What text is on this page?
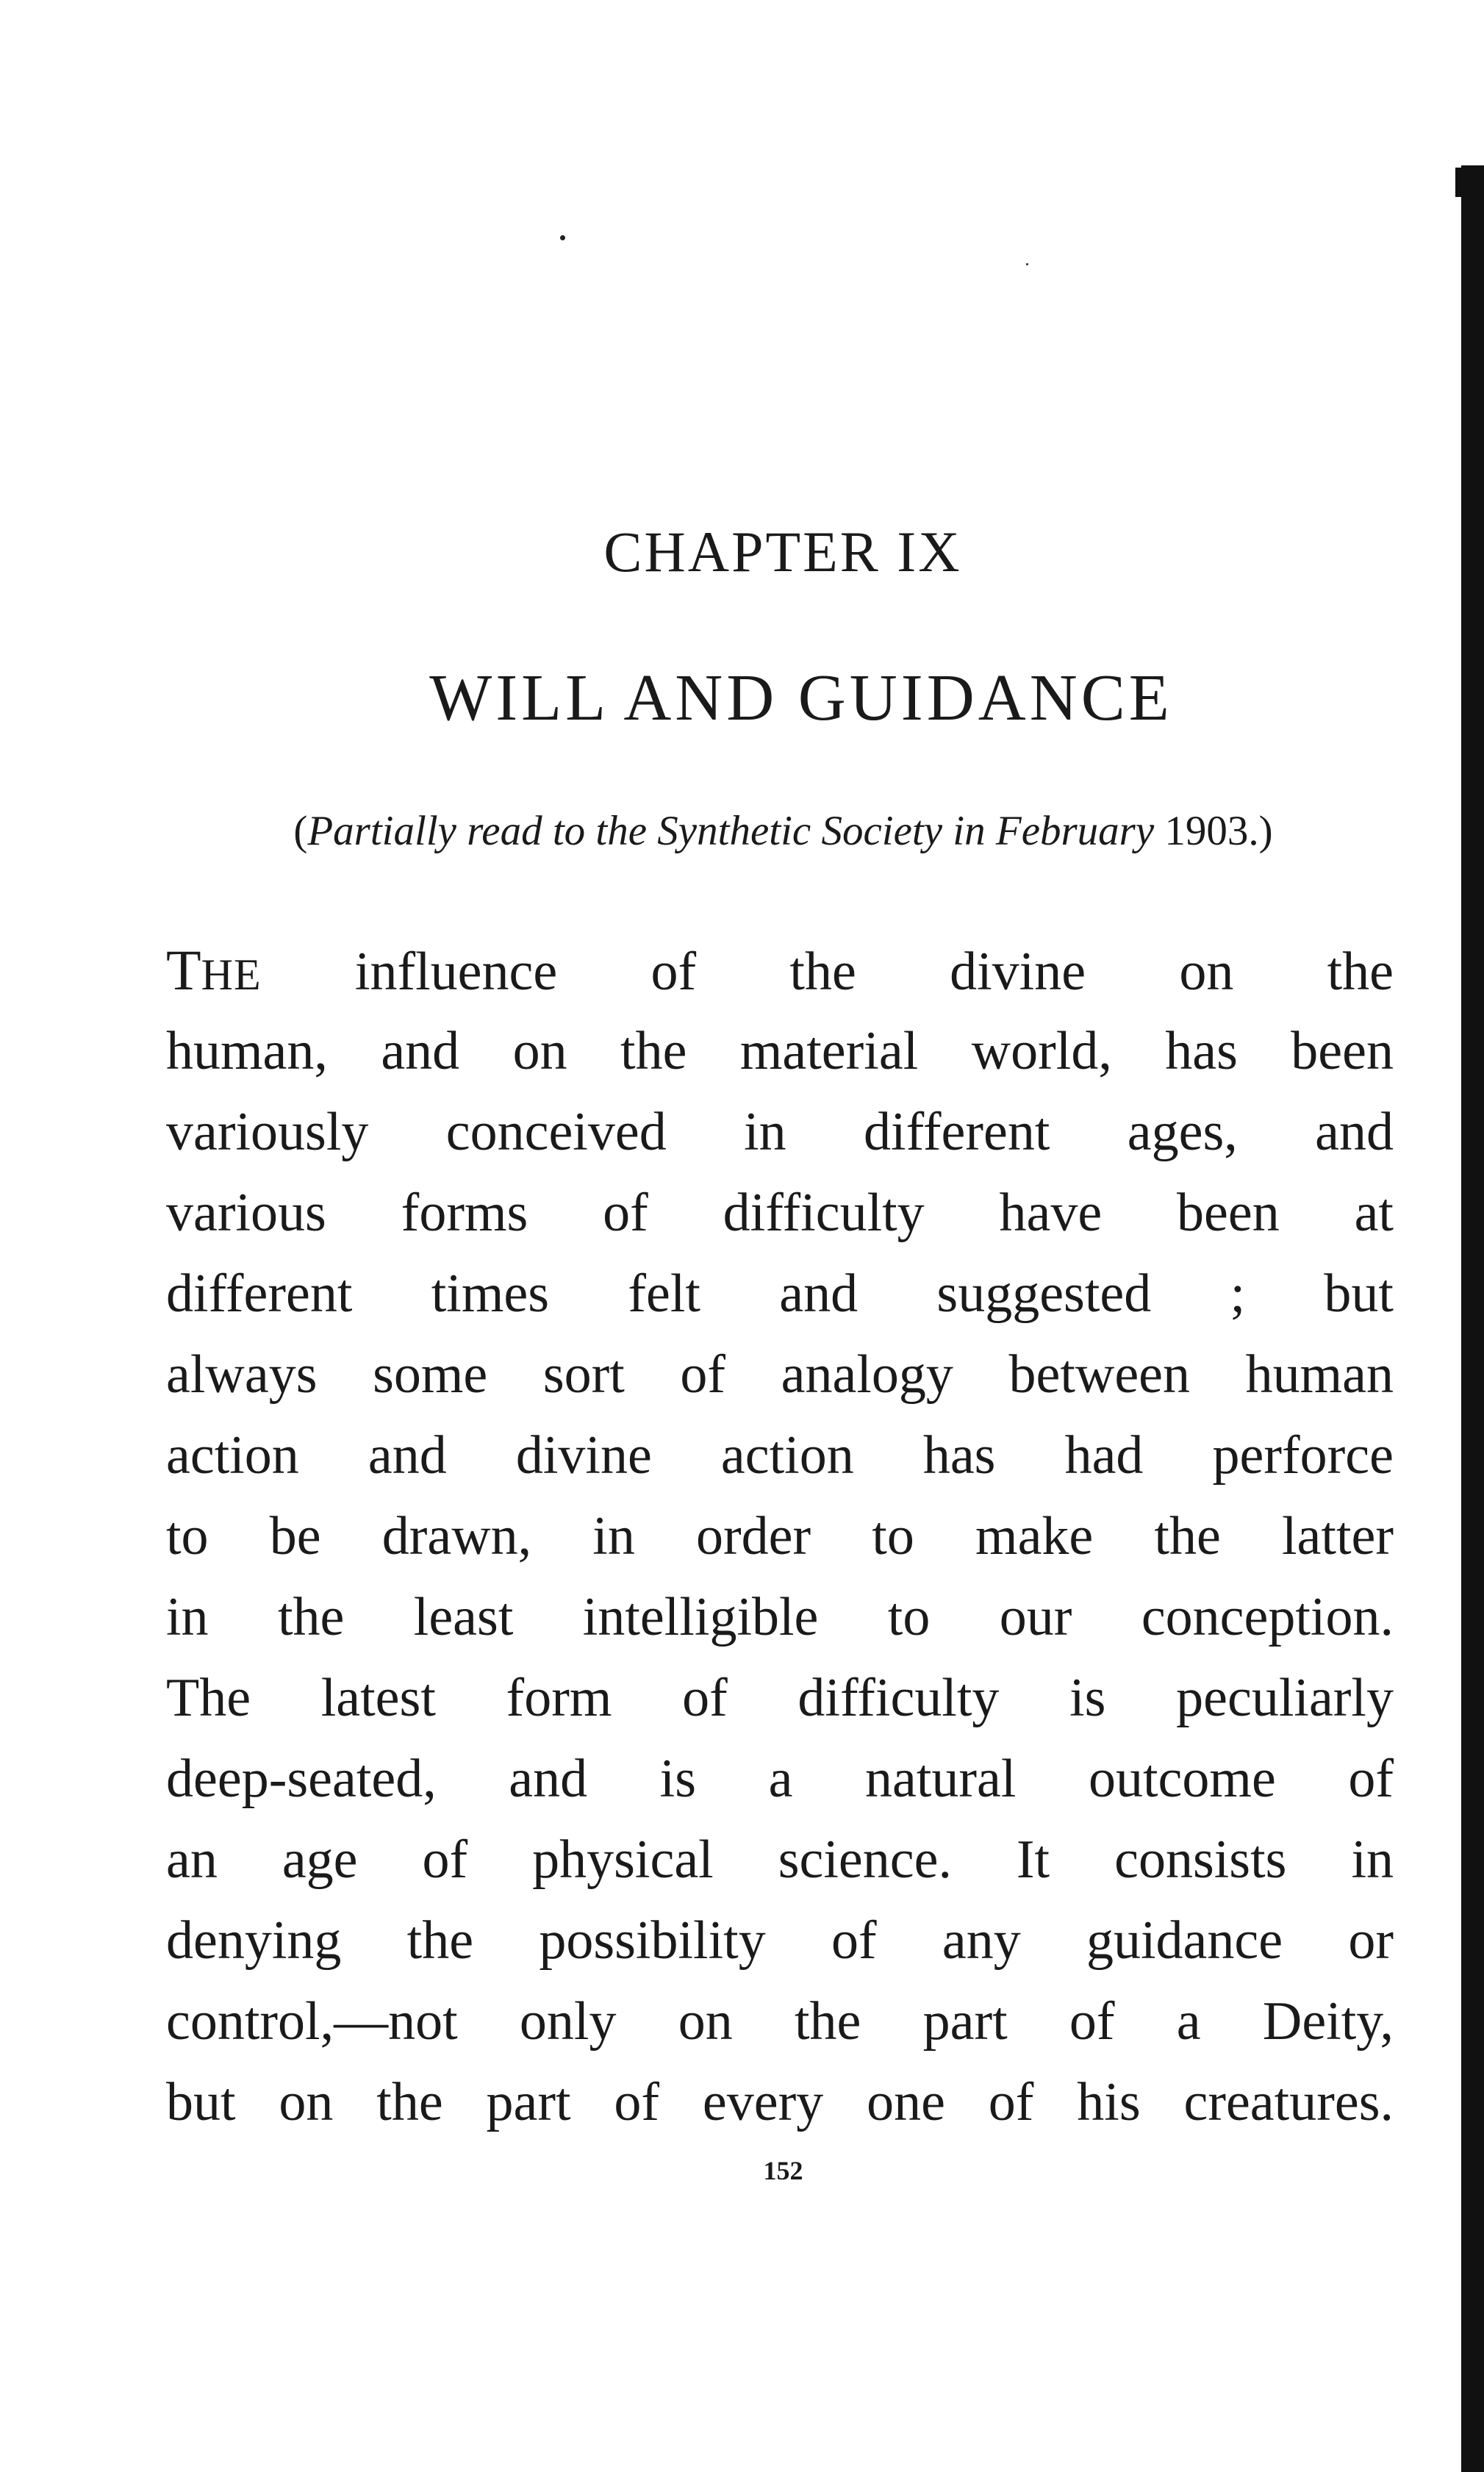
CHAPTER IX
WILL AND GUIDANCE
(Partially read to the Synthetic Society in February 1903.)
THE influence of the divine on the
human, and on the material world, has been
variously conceived in different ages, and
various forms of difficulty have been at
different times felt and suggested ; but
always some sort of analogy between human
action and divine action has had perforce
to be drawn, in order to make the latter
in the least intelligible to our conception.
The latest form of difficulty is peculiarly
deep-seated, and is a natural outcome of
an age of physical science. It consists in
denying the possibility of any guidance or
control,—not only on the part of a Deity,
but on the part of every one of his creatures.
152
